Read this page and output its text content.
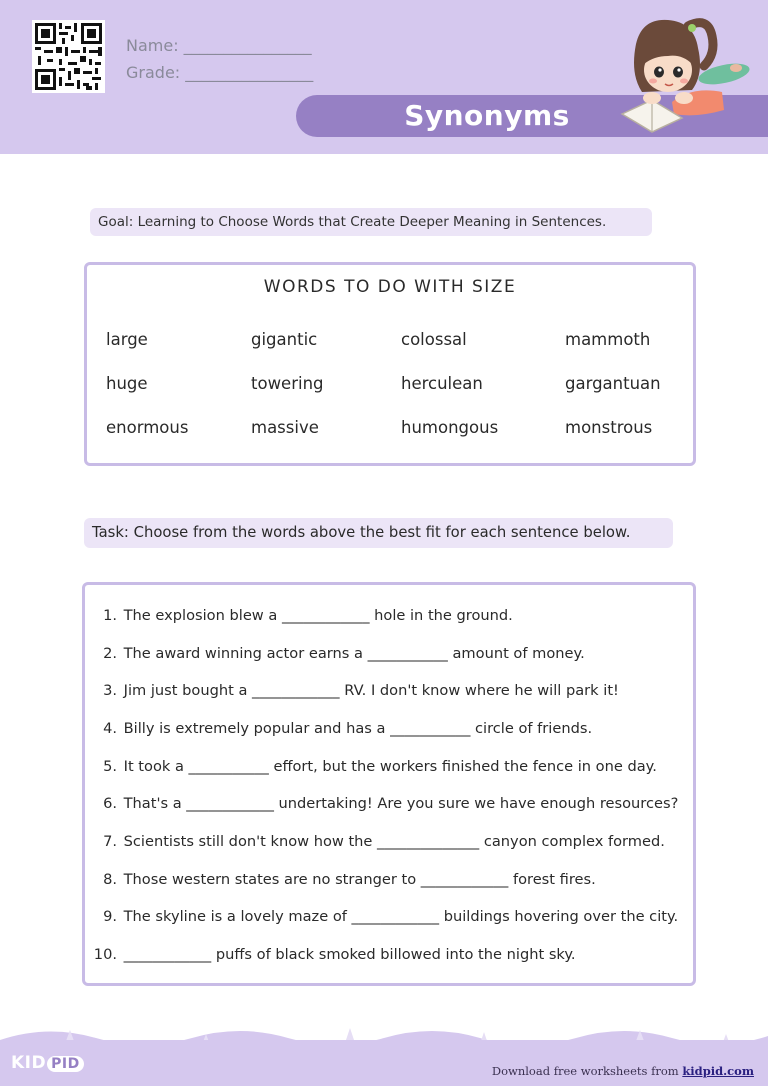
Name: ________________
Grade: ________________
Synonyms
Goal: Learning to Choose Words that Create Deeper Meaning in Sentences.
WORDS TO DO WITH SIZE
large	gigantic	colossal	mammoth
huge	towering	herculean	gargantuan
enormous	massive	humongous	monstrous
Task: Choose from the words above the best fit for each sentence below.
1. The explosion blew a ____________ hole in the ground.
2. The award winning actor earns a ___________ amount of money.
3. Jim just bought a ____________ RV. I don't know where he will park it!
4. Billy is extremely popular and has a ___________ circle of friends.
5. It took a ___________ effort, but the workers finished the fence in one day.
6. That's a ____________ undertaking! Are you sure we have enough resources?
7. Scientists still don't know how the ______________ canyon complex formed.
8. Those western states are no stranger to ____________ forest fires.
9. The skyline is a lovely maze of ____________ buildings hovering over the city.
10. ____________ puffs of black smoked billowed into the night sky.
KID PID	Download free worksheets from kidpid.com
